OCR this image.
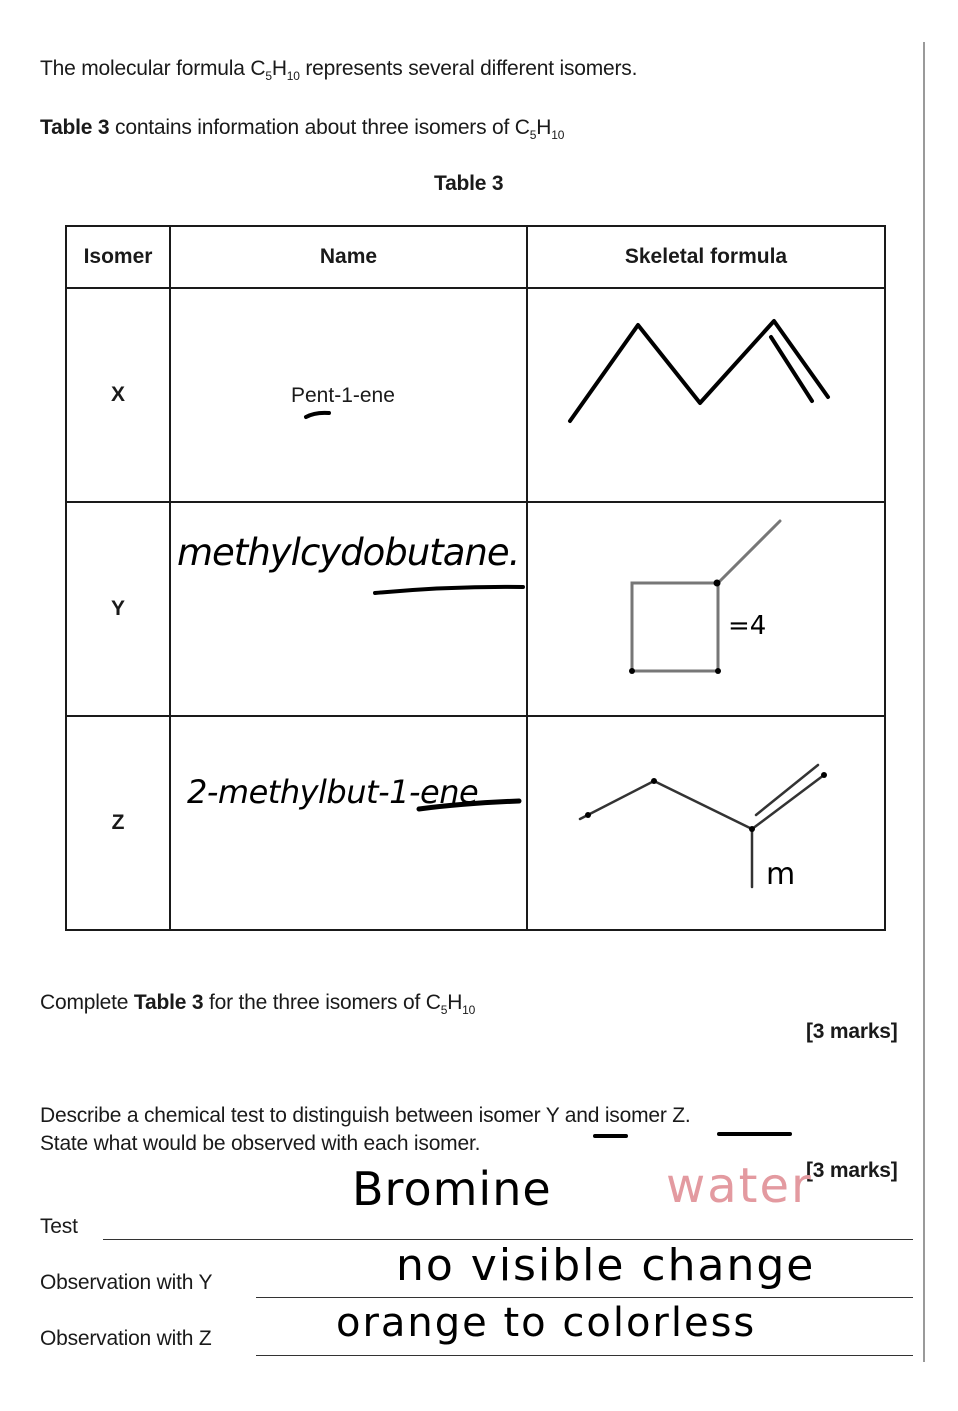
The molecular formula $C_5H_{10}$ represents several different isomers.
Table 3 contains information about three isomers of $C_5H_{10}$
Table 3
Isomer	Name	Skeletal formula
X	Pent-1-ene

Y	methylcydobutane.	=4

Z	2-methylbut-1-ene	m
Complete Table 3 for the three isomers of $C_5H_{10}$
[3 marks]
Describe a chemical test to distinguish between isomer Y and isomer Z.
State what would be observed with each isomer.
[3 marks]
Test
Bromine water
Observation with Y	no visible change
Observation with Z	orange to colorless
